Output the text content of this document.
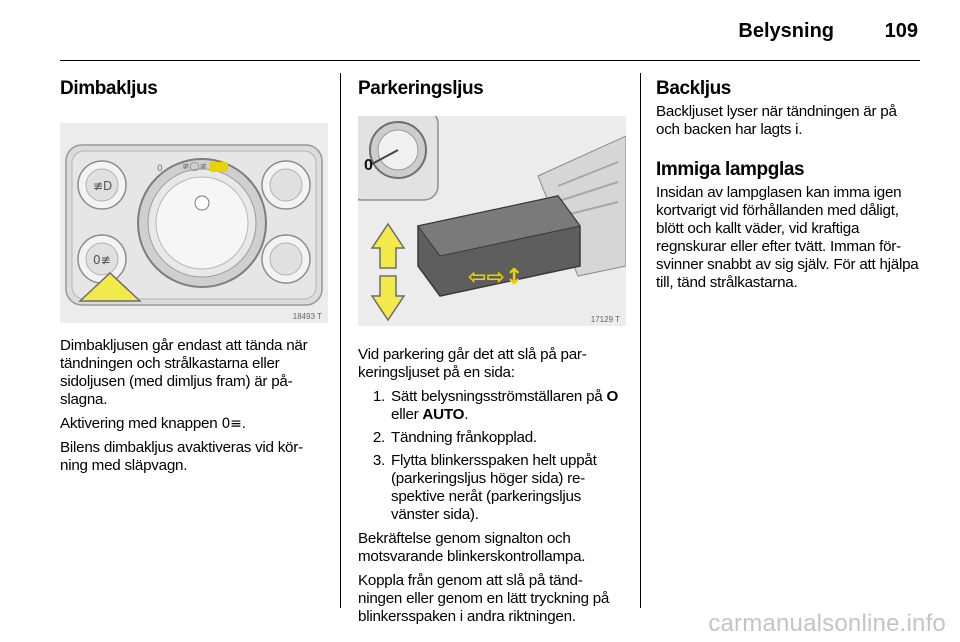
Belysning	109
Dimbakljus
≢D
0≢
0 ≢◯≢
18493 T

Dimbakljusen går endast att tända när tändningen och strålkastarna eller sidoljusen (med dimljus fram) är på-slagna.

Aktivering med knappen 0≡.

Bilens dimbakljus avaktiveras vid kör-ning med släpvagn.

Parkeringsljus
0
⇦⇨↕
17129 T

Vid parkering går det att slå på par-keringsljuset på en sida:

1. Sätt belysningsströmställaren på O eller AUTO.
2. Tändning frånkopplad.
3. Flytta blinkersspaken helt uppåt (parkeringsljus höger sida) re-spektive neråt (parkeringsljus vänster sida).

Bekräftelse genom signalton och motsvarande blinkerskontrollampa.

Koppla från genom att slå på tänd-ningen eller genom en lätt tryckning på blinkersspaken i andra riktningen.

Backljus

Backljuset lyser när tändningen är på och backen har lagts i.

Immiga lampglas

Insidan av lampglasen kan imma igen kortvarigt vid förhållanden med dåligt, blött och kallt väder, vid kraftiga regnskurar eller efter tvätt. Imman för-svinner snabbt av sig själv. För att hjälpa till, tänd strålkastarna.

carmanualsonline.info
